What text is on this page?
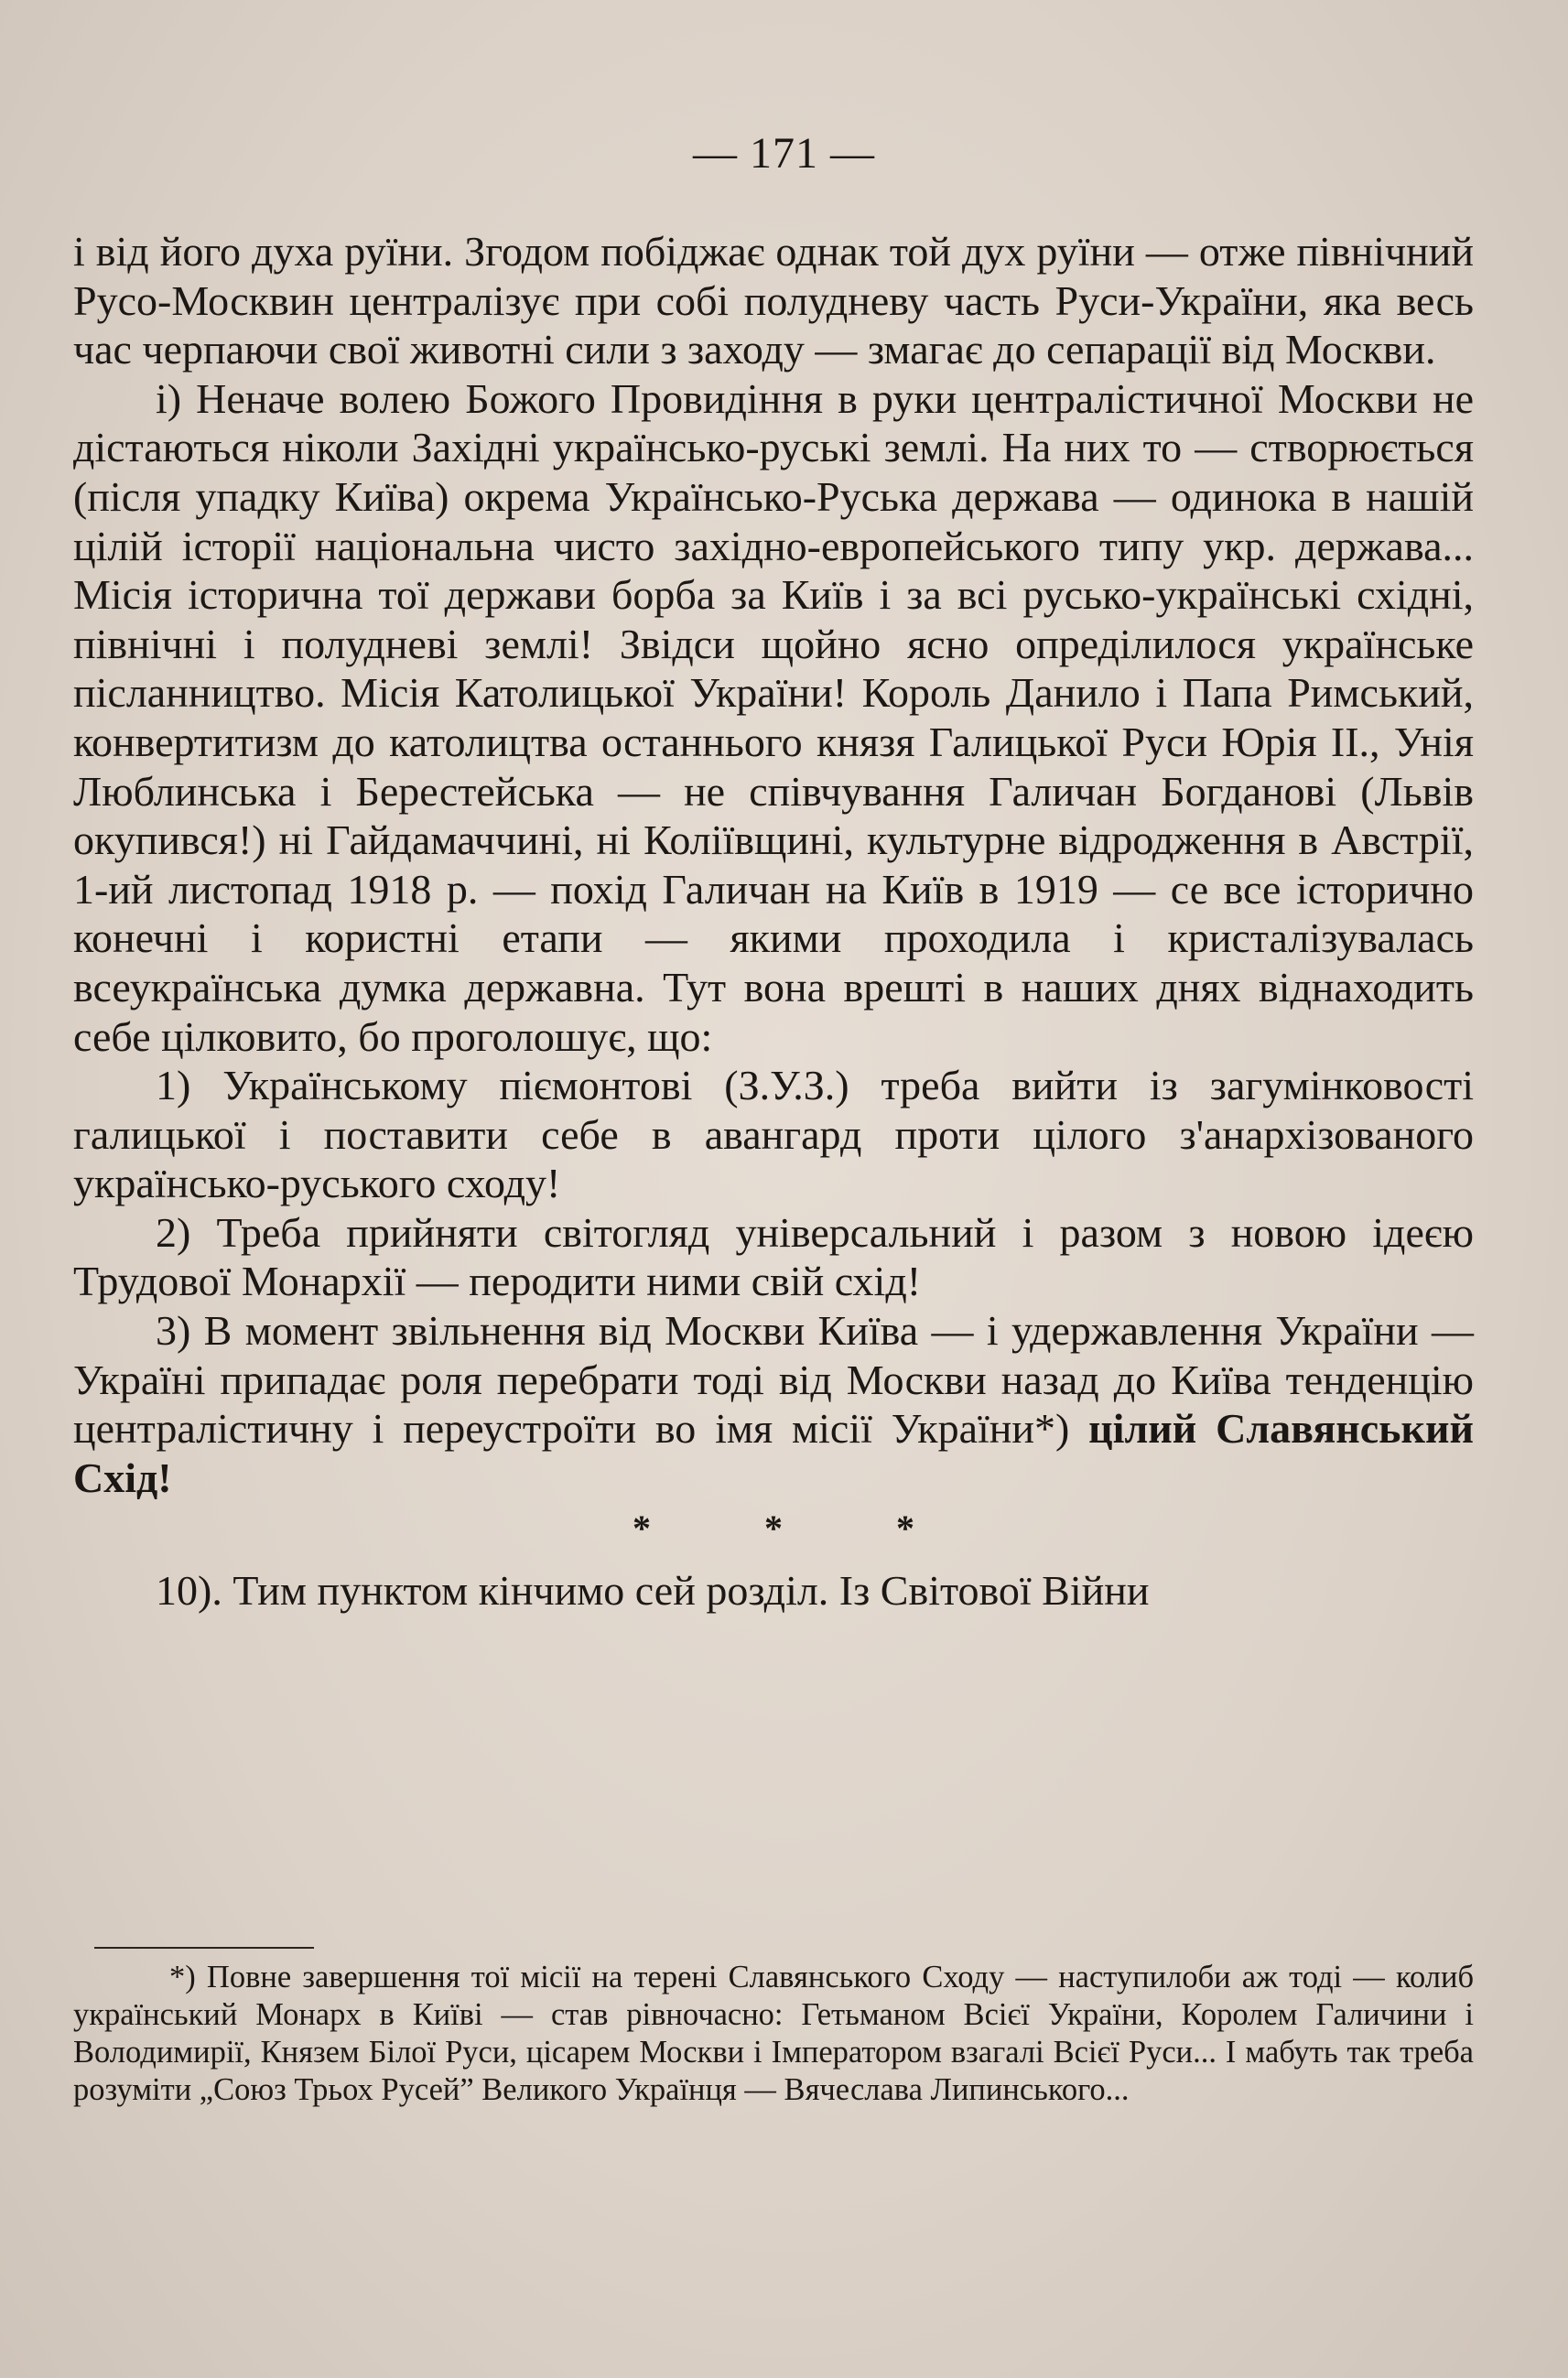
— 171 —

і від його духа руїни. Згодом побіджає однак той дух руїни — отже північний Русо-Москвин централізує при собі полудневу часть Руси-України, яка весь час черпаючи свої животні сили з заходу — змагає до сепарації від Москви.

і) Неначе волею Божого Провидіння в руки централістичної Москви не дістаються ніколи Західні українсько-руські землі. На них то — створюється (після упадку Київа) окрема Українсько-Руська держава — одинока в нашій цілій історії національна чисто західно-европейського типу укр. держава... Місія історична тої держави борба за Київ і за всі русько-українські східні, північні і полудневі землі! Звідси щойно ясно опреділилося українське післанництво. Місія Католицької України! Король Данило і Папа Римський, конвертитизм до католицтва останнього князя Галицької Руси Юрія II., Унія Люблинська і Берестейська — не співчування Галичан Богданові (Львів окупився!) ні Гайдамаччині, ні Коліївщині, культурне відродження в Австрії, 1-ий листопад 1918 р. — похід Галичан на Київ в 1919 — се все історично конечні і користні етапи — якими проходила і кристалізувалась всеукраїнська думка державна. Тут вона врешті в наших днях віднаходить себе цілковито, бо проголошує, що:

1) Українському піємонтові (З.У.З.) треба вийти із загумінковості галицької і поставити себе в авангард проти цілого з'анархізованого українсько-руського сходу!

2) Треба прийняти світогляд універсальний і разом з новою ідеєю Трудової Монархії — перодити ними свій схід!

3) В момент звільнення від Москви Київа — і удержавлення України — Україні припадає роля перебрати тоді від Москви назад до Київа тенденцію централістичну і переустроїти во імя місії України*) цілий Славянський Схід!

*	*	*

10). Тим пунктом кінчимо сей розділ. Із Світової Війни

*) Повне завершення тої місії на терені Славянського Сходу — наступилоби аж тоді — колиб український Монарх в Київі — став рівночасно: Гетьманом Всієї України, Королем Галичини і Володимирії, Князем Білої Руси, цісарем Москви і Імператором взагалі Всієї Руси... І мабуть так треба розуміти „Союз Трьох Русей” Великого Українця — Вячеслава Липинського...
